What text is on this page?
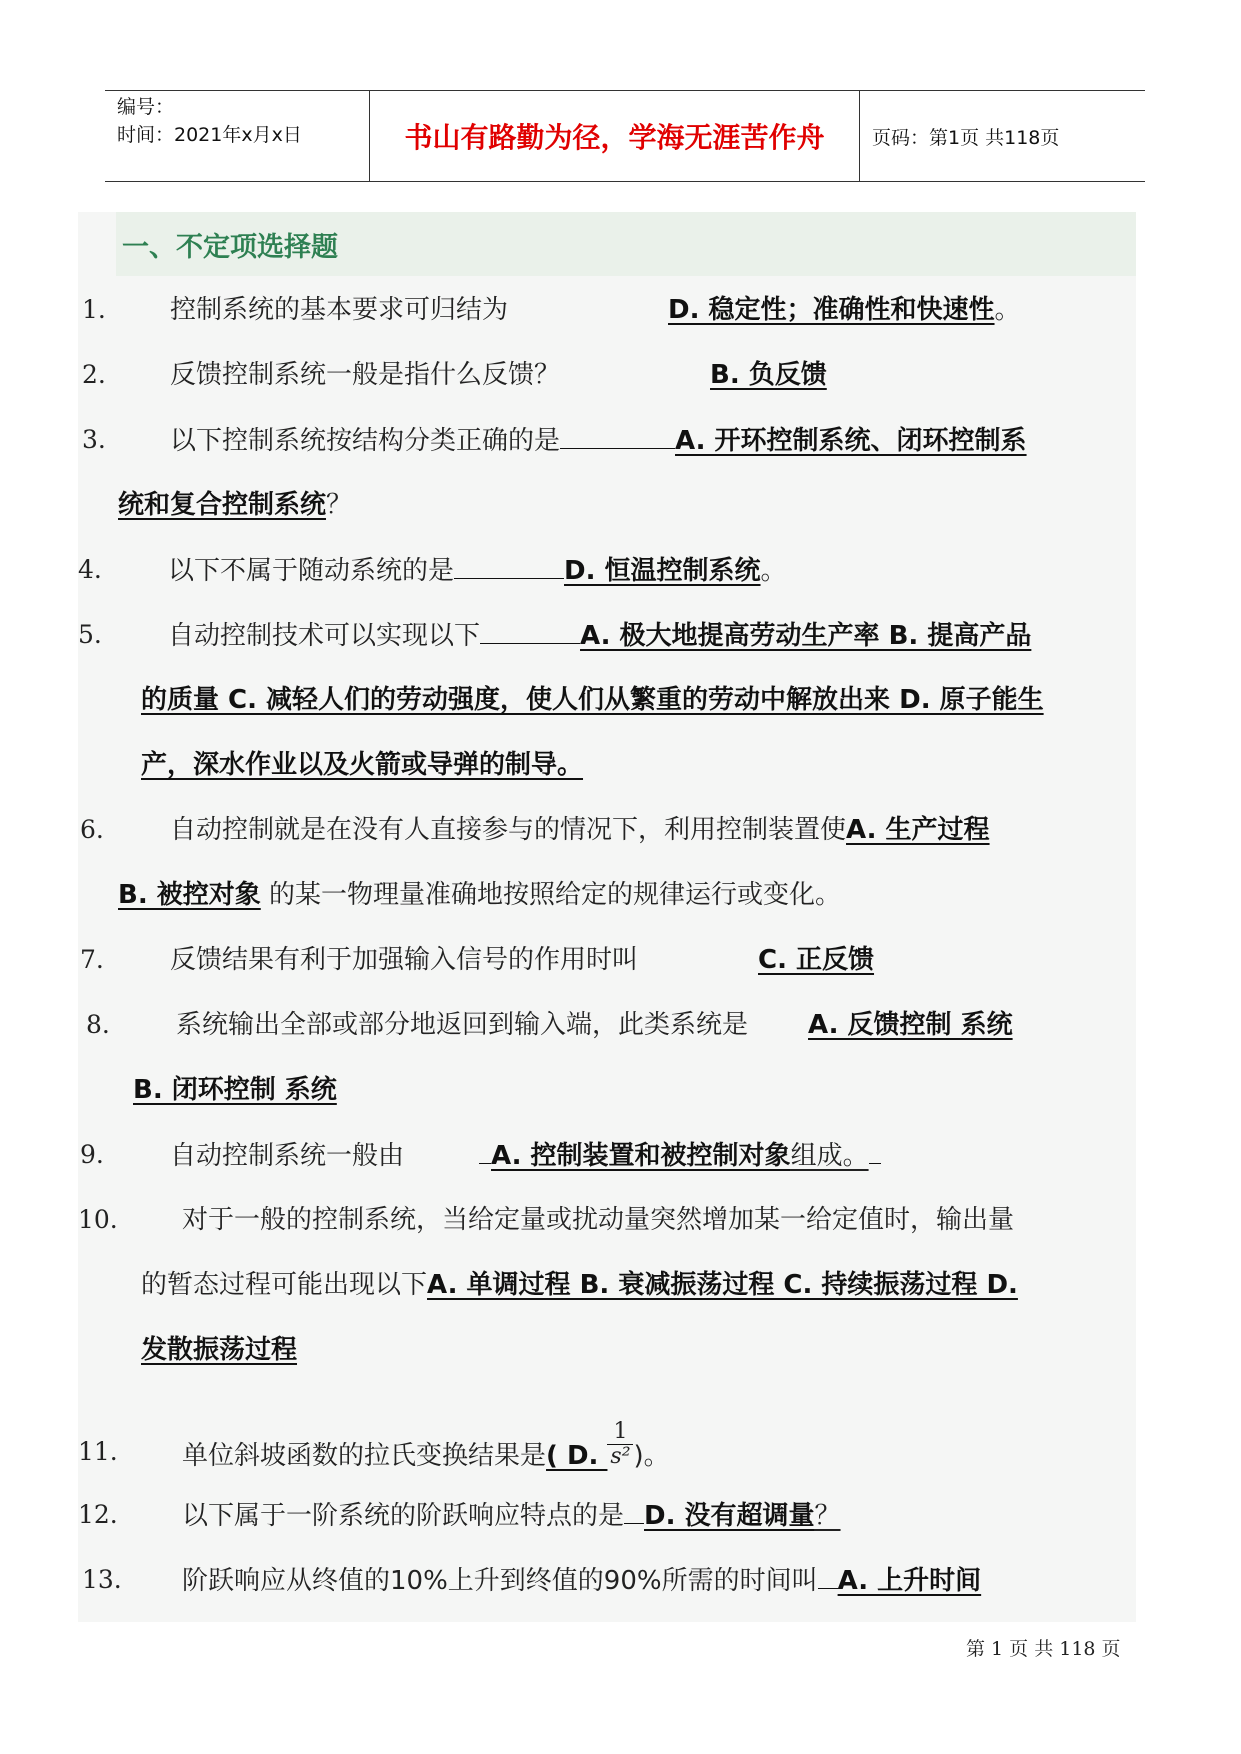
编号：
时间：2021年x月x日	书山有路勤为径，学海无涯苦作舟	页码：第1页 共118页
一、不定项选择题
1. 控制系统的基本要求可归结为	D. 稳定性；准确性和快速性。
2. 反馈控制系统一般是指什么反馈？	B. 负反馈
3. 以下控制系统按结构分类正确的是	A. 开环控制系统、闭环控制系
统和复合控制系统？
4.	以下不属于随动系统的是	D. 恒温控制系统。
5.	自动控制技术可以实现以下	A. 极大地提高劳动生产率 B. 提高产品
的质量 C. 减轻人们的劳动强度，使人们从繁重的劳动中解放出来 D. 原子能生
产，深水作业以及火箭或导弹的制导。
6.	自动控制就是在没有人直接参与的情况下，利用控制装置使A. 生产过程
B. 被控对象 的某一物理量准确地按照给定的规律运行或变化。
7.	反馈结果有利于加强输入信号的作用时叫	C. 正反馈
8.	系统输出全部或部分地返回到输入端，此类系统是 A. 反馈控制 系统
B. 闭环控制 系统
9.	自动控制系统一般由	A. 控制装置和被控制对象组成。
10. 对于一般的控制系统，当给定量或扰动量突然增加某一给定值时，输出量
的暂态过程可能出现以下A. 单调过程 B. 衰减振荡过程 C. 持续振荡过程 D.
发散振荡过程
11. 单位斜坡函数的拉氏变换结果是( D. $\frac{1}{\text{s²}}$ )。
12. 以下属于一阶系统的阶跃响应特点的是 D. 没有超调量？
13. 阶跃响应从终值的10%上升到终值的90%所需的时间叫 A. 上升时间
第 1 页 共 118 页
